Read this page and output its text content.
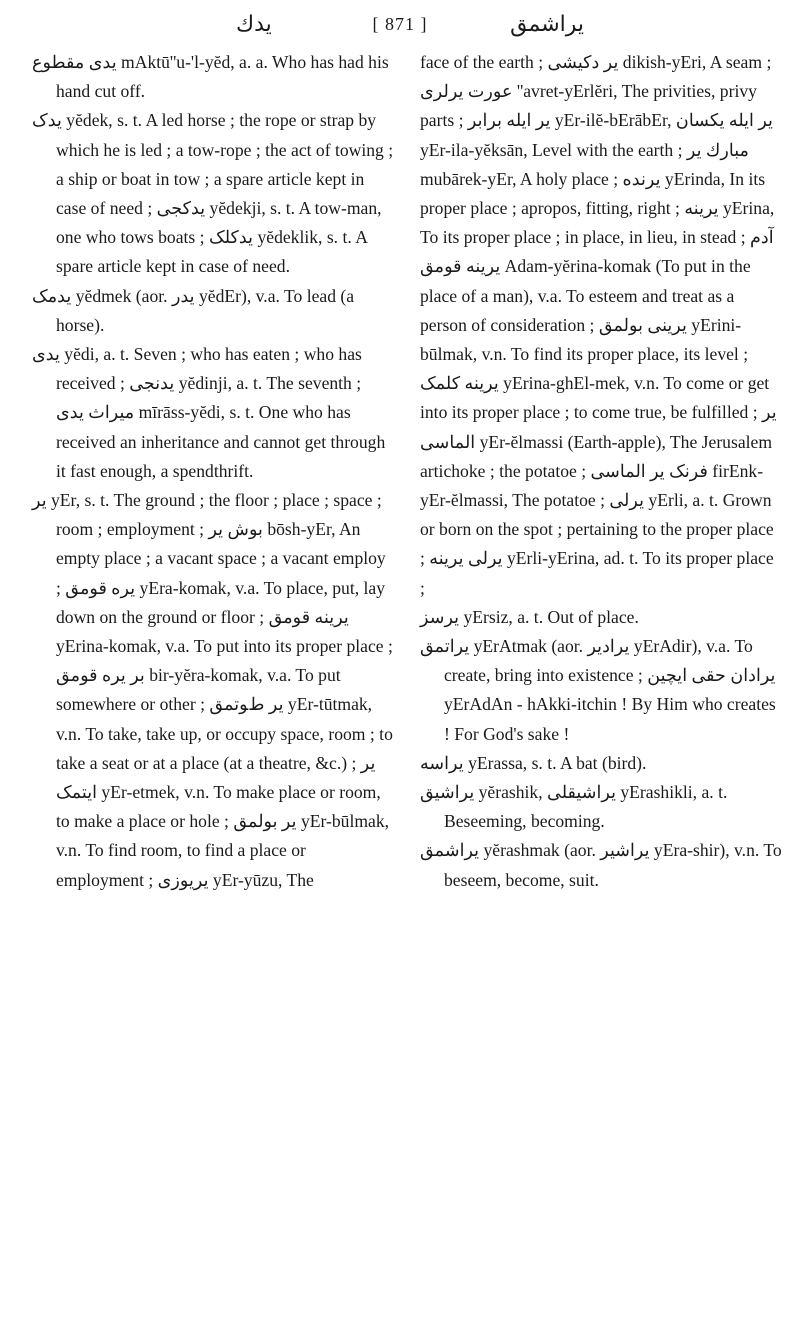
يدك	[ 871 ]	يراشمق

ﯾﺪﯼ ﻣﻘﻄﻮع mAktū''u-'l-yĕd, a. a. Who has had his hand cut off.

ﯾﺪﮎ yĕdek, s. t. A led horse ; the rope or strap by which he is led ; a tow-rope ; the act of towing ; a ship or boat in tow ; a spare article kept in case of need ; ﯾﺪﮐﺠﯽ yĕdekji, s. t. A tow-man, one who tows boats ; ﯾﺪﮐﻠﮏ yĕdeklik, s. t. A spare article kept in case of need.

ﯾﺪﻣﮏ yĕdmek (aor. ﯾﺪر yĕdEr), v.a. To lead (a horse).

ﯾﺪﯼ yĕdi, a. t. Seven ; who has eaten ; who has received ; ﯾﺪﻧﺠﯽ yĕdinji, a. t. The seventh ; ﻣﯿﺮاث ﯾﺪﯼ mīrāss-yĕdi, s. t. One who has received an inheritance and cannot get through it fast enough, a spendthrift.

ﯾﺮ yEr, s. t. The ground ; the floor ; place ; space ; room ; employment ; ﺑﻮش ﯾﺮ bōsh-yEr, An empty place ; a vacant space ; a vacant employ ; ﯾﺮه ﻗﻮﻣﻖ yEra-komak, v.a. To place, put, lay down on the ground or floor ; ﯾﺮﯾﻨﻪ ﻗﻮﻣﻖ yErina-komak, v.a. To put into its proper place ; ﺑﺮ ﯾﺮه ﻗﻮﻣﻖ bir-yĕra-komak, v.a. To put somewhere or other ; ﯾﺮ طﻮﺗﻤﻖ yEr-tūtmak, v.n. To take, take up, or occupy space, room ; to take a seat or at a place (at a theatre, &c.) ; ﯾﺮ اﯾﺘﻤﮏ yEr-etmek, v.n. To make place or room, to make a place or hole ; ﯾﺮ ﺑﻮﻟﻤﻖ yEr-būlmak, v.n. To find room, to find a place or employment ; ﯾﺮﯾﻮزﯼ yEr-yūzu, The

face of the earth ; ﯾﺮ دﮐﯿﺸﯽ dikish-yEri, A seam ; ﻋﻮرت ﯾﺮﻟﺮﯼ ''avret-yErlĕri, The privities, privy parts ; ﯾﺮ اﯾﻠﻪ ﺑﺮاﺑﺮ yEr-ilĕ-bErābEr, ﯾﺮ اﯾﻠﻪ ﯾﮑﺴﺎن yEr-ila-yĕksān, Level with the earth ; ﻣﺒﺎرك ﯾﺮ mubārek-yEr, A holy place ; ﯾﺮﻧﺪه yErinda, In its proper place ; apropos, fitting, right ; ﯾﺮﯾﻨﻪ yErina, To its proper place ; in place, in lieu, in stead ; آدم ﯾﺮﯾﻨﻪ ﻗﻮﻣﻖ Adam-yĕrina-komak (To put in the place of a man), v.a. To esteem and treat as a person of consideration ; ﯾﺮﯾﻨﯽ ﺑﻮﻟﻤﻖ yErini-būlmak, v.n. To find its proper place, its level ; ﯾﺮﯾﻨﻪ ﮐﻠﻤﮏ yErina-ghEl-mek, v.n. To come or get into its proper place ; to come true, be fulfilled ; ﯾﺮ اﻟﻤﺎﺳﯽ yEr-ĕlmassi (Earth-apple), The Jerusalem artichoke ; the potatoe ; ﻓﺮﻧﮏ ﯾﺮ اﻟﻤﺎﺳﯽ firEnk-yEr-ĕlmassi, The potatoe ; ﯾﺮﻟﯽ yErli, a. t. Grown or born on the spot ; pertaining to the proper place ; ﯾﺮﻟﯽ ﯾﺮﯾﻨﻪ yErli-yErina, ad. t. To its proper place ;

ﯾﺮﺳﺰ yErsiz, a. t. Out of place.

ﯾﺮاﺗﻤﻖ yErAtmak (aor. ﯾﺮادﯾﺮ yErAdir), v.a. To create, bring into existence ; ﯾﺮادان ﺣﻘﯽ اﯾﭽﯿﻦ yErAdAn - hAkki-itchin ! By Him who creates ! For God's sake !

ﯾﺮاﺳﻪ yErassa, s. t. A bat (bird).

ﯾﺮاﺷﯿﻖ yĕrashik, ﯾﺮاﺷﯿﻘﻠﯽ yErashikli, a. t. Beseeming, becoming.

ﯾﺮاﺷﻤﻖ yĕrashmak (aor. ﯾﺮاﺷﯿﺮ yEra-shir), v.n. To beseem, become, suit.
